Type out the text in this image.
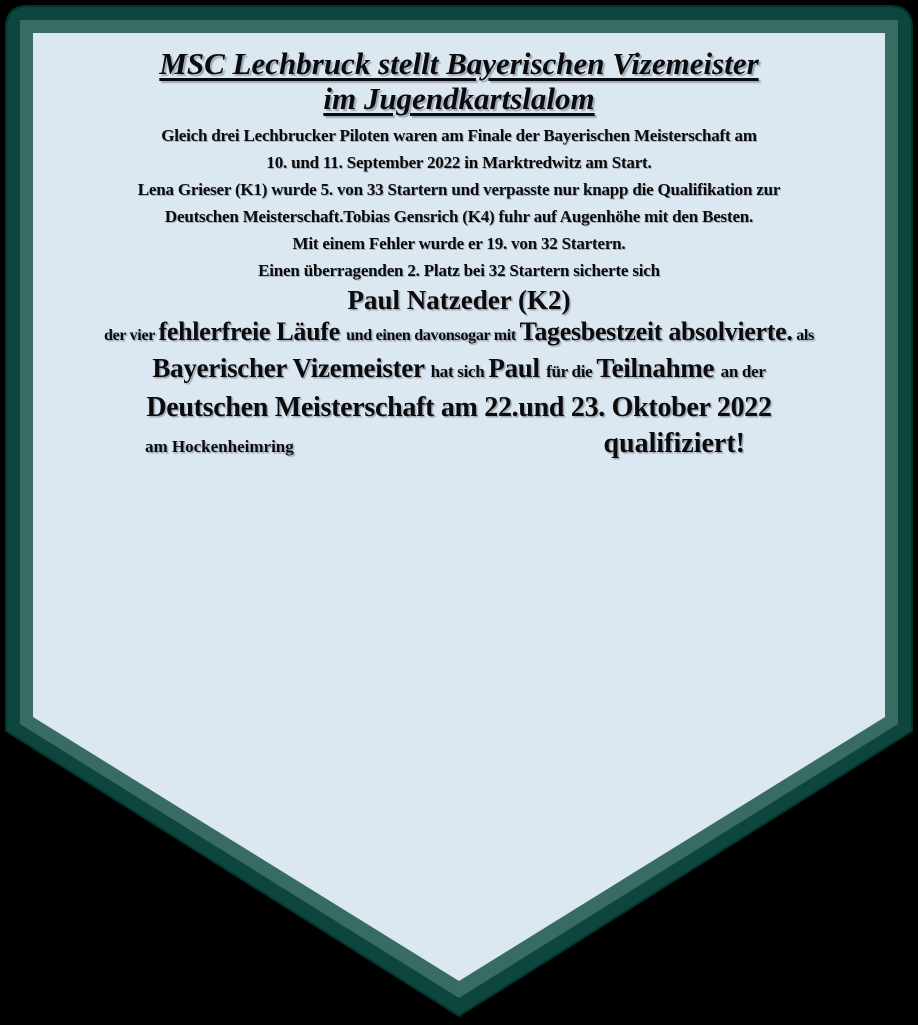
MSC Lechbruck stellt Bayerischen Vizemeister
im Jugendkartslalom
Gleich drei Lechbrucker Piloten waren am Finale der Bayerischen Meisterschaft am
10. und 11. September 2022 in Marktredwitz am Start.
Lena Grieser (K1) wurde 5. von 33 Startern und verpasste nur knapp die Qualifikation zur
Deutschen Meisterschaft.Tobias Gensrich (K4) fuhr auf Augenhöhe mit den Besten.
Mit einem Fehler wurde er 19. von 32 Startern.
Einen überragenden 2. Platz bei 32 Startern sicherte sich
Paul Natzeder (K2)
der vier fehlerfreie Läufe und einen davonsogar mit Tagesbestzeit absolvierte. als
Bayerischer Vizemeister hat sich Paul für die Teilnahme an der
Deutschen Meisterschaft am 22.und 23. Oktober 2022
am Hockenheimring	qualifiziert!
